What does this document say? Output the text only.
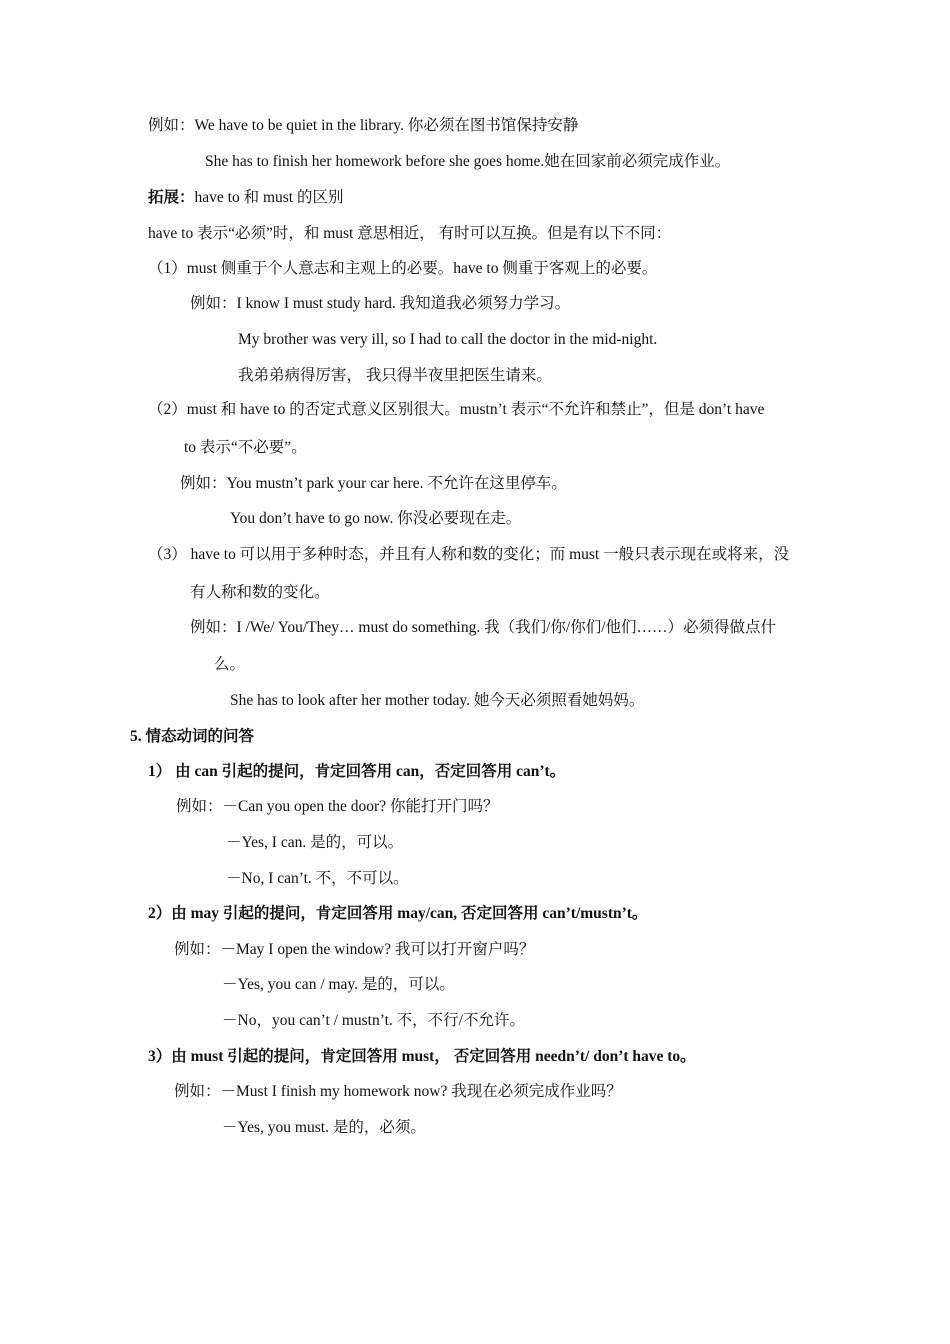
例如：We have to be quiet in the library. 你必须在图书馆保持安静
She has to finish her homework before she goes home.她在回家前必须完成作业。
拓展：have to 和 must 的区别
have to 表示“必须”时，和 must 意思相近， 有时可以互换。但是有以下不同：
（1）must 侧重于个人意志和主观上的必要。have to 侧重于客观上的必要。
例如：I know I must study hard. 我知道我必须努力学习。
My brother was very ill, so I had to call the doctor in the mid-night.
我弟弟病得厉害， 我只得半夜里把医生请来。
（2）must 和 have to 的否定式意义区别很大。mustn’t 表示“不允许和禁止”，但是 don’t have
to 表示“不必要”。
例如：You mustn’t park your car here. 不允许在这里停车。
You don’t have to go now. 你没必要现在走。
（3） have to 可以用于多种时态，并且有人称和数的变化；而 must 一般只表示现在或将来，没
有人称和数的变化。
例如：I /We/ You/They… must do something. 我（我们/你/你们/他们……）必须得做点什
么。
She has to look after her mother today. 她今天必须照看她妈妈。
5. 情态动词的问答
1） 由 can 引起的提问，肯定回答用 can，否定回答用 can’t。
例如：－Can you open the door? 你能打开门吗？
－Yes, I can. 是的，可以。
－No, I can’t. 不，不可以。
2）由 may 引起的提问，肯定回答用 may/can, 否定回答用 can’t/mustn’t。
例如：－May I open the window? 我可以打开窗户吗？
－Yes, you can / may. 是的，可以。
－No，you can’t / mustn’t. 不，不行/不允许。
3）由 must 引起的提问，肯定回答用 must， 否定回答用 needn’t/ don’t have to。
例如：－Must I finish my homework now? 我现在必须完成作业吗？
－Yes, you must. 是的，必须。
